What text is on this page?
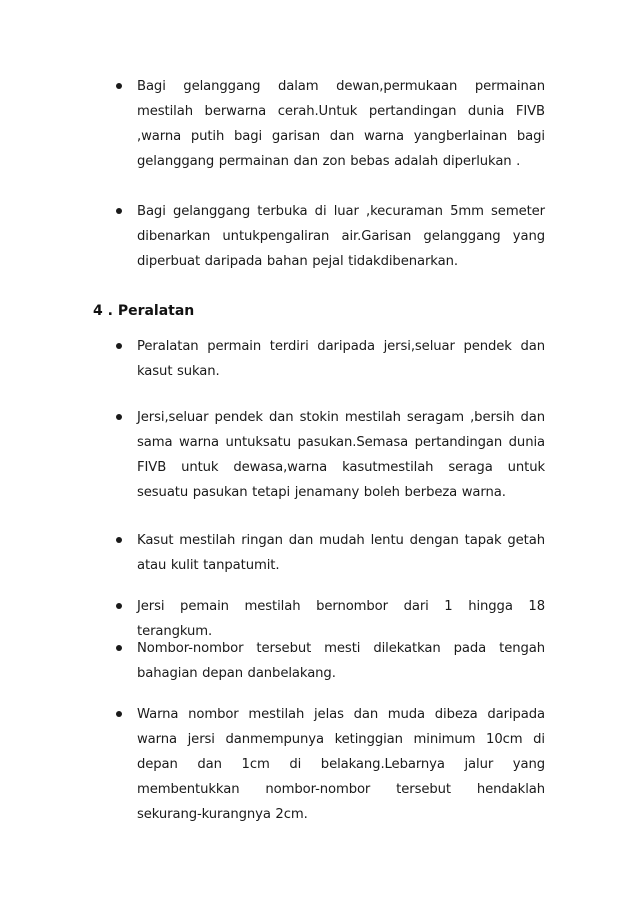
Bagi gelanggang dalam dewan,permukaan permainan mestilah berwarna cerah.Untuk pertandingan dunia FIVB ,warna putih bagi garisan dan warna yangberlainan bagi gelanggang permainan dan zon bebas adalah diperlukan .
Bagi gelanggang terbuka di luar ,kecuraman 5mm semeter dibenarkan untukpengaliran air.Garisan gelanggang yang diperbuat daripada bahan pejal tidakdibenarkan.
4 . Peralatan
Peralatan permain terdiri daripada jersi,seluar pendek dan kasut sukan.
Jersi,seluar pendek dan stokin mestilah seragam ,bersih dan sama warna untuksatu pasukan.Semasa pertandingan dunia FIVB untuk dewasa,warna kasutmestilah seraga untuk sesuatu pasukan tetapi jenamany boleh berbeza warna.
Kasut mestilah ringan dan mudah lentu dengan tapak getah atau kulit tanpatumit.
Jersi pemain mestilah bernombor dari 1 hingga 18 terangkum.
Nombor-nombor tersebut mesti dilekatkan pada tengah bahagian depan danbelakang.
Warna nombor mestilah jelas dan muda dibeza daripada warna jersi danmempunya ketinggian minimum 10cm di depan dan 1cm di belakang.Lebarnya jalur yang membentukkan nombor-nombor tersebut hendaklah sekurang-kurangnya 2cm.
